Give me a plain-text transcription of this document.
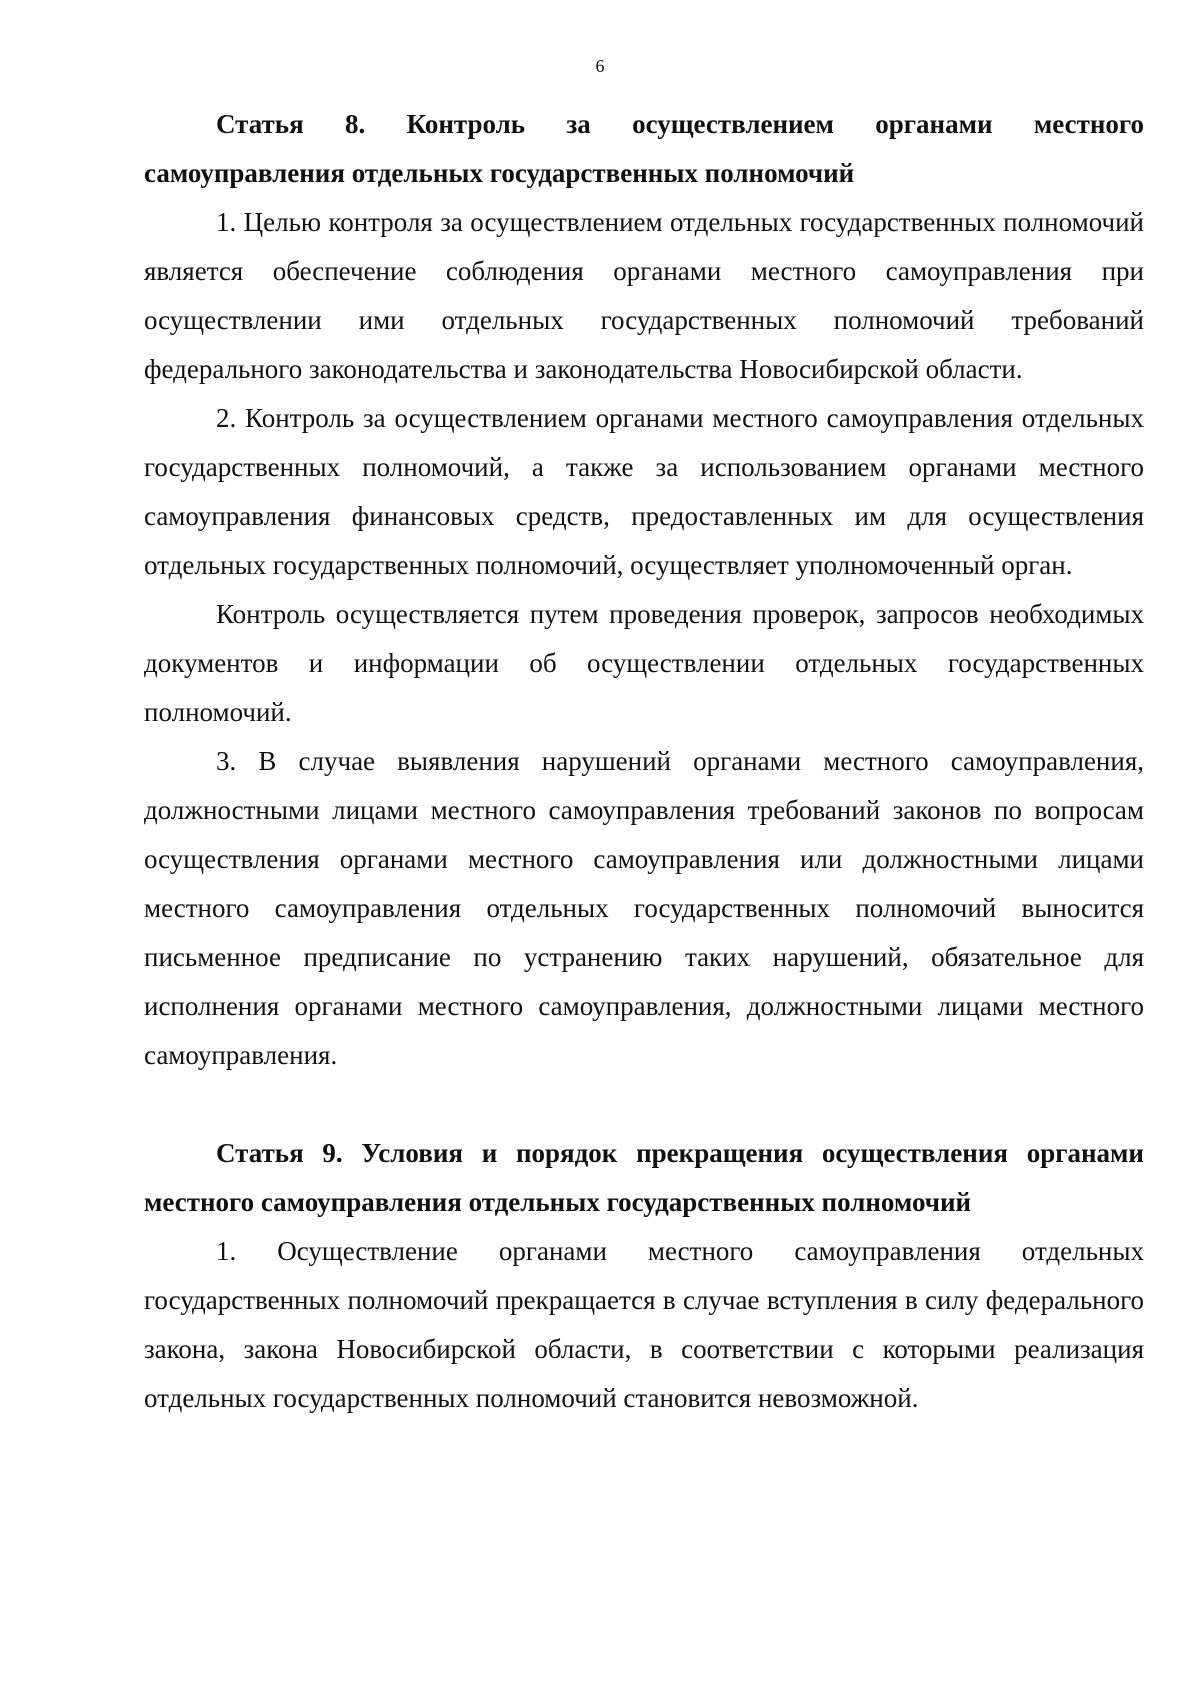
6

Статья 8. Контроль за осуществлением органами местного самоуправления отдельных государственных полномочий

1. Целью контроля за осуществлением отдельных государственных полномочий является обеспечение соблюдения органами местного самоуправления при осуществлении ими отдельных государственных полномочий требований федерального законодательства и законодательства Новосибирской области.

2. Контроль за осуществлением органами местного самоуправления отдельных государственных полномочий, а также за использованием органами местного самоуправления финансовых средств, предоставленных им для осуществления отдельных государственных полномочий, осуществляет уполномоченный орган.

Контроль осуществляется путем проведения проверок, запросов необходимых документов и информации об осуществлении отдельных государственных полномочий.

3. В случае выявления нарушений органами местного самоуправления, должностными лицами местного самоуправления требований законов по вопросам осуществления органами местного самоуправления или должностными лицами местного самоуправления отдельных государственных полномочий выносится письменное предписание по устранению таких нарушений, обязательное для исполнения органами местного самоуправления, должностными лицами местного самоуправления.

Статья 9. Условия и порядок прекращения осуществления органами местного самоуправления отдельных государственных полномочий

1. Осуществление органами местного самоуправления отдельных государственных полномочий прекращается в случае вступления в силу федерального закона, закона Новосибирской области, в соответствии с которыми реализация отдельных государственных полномочий становится невозможной.
